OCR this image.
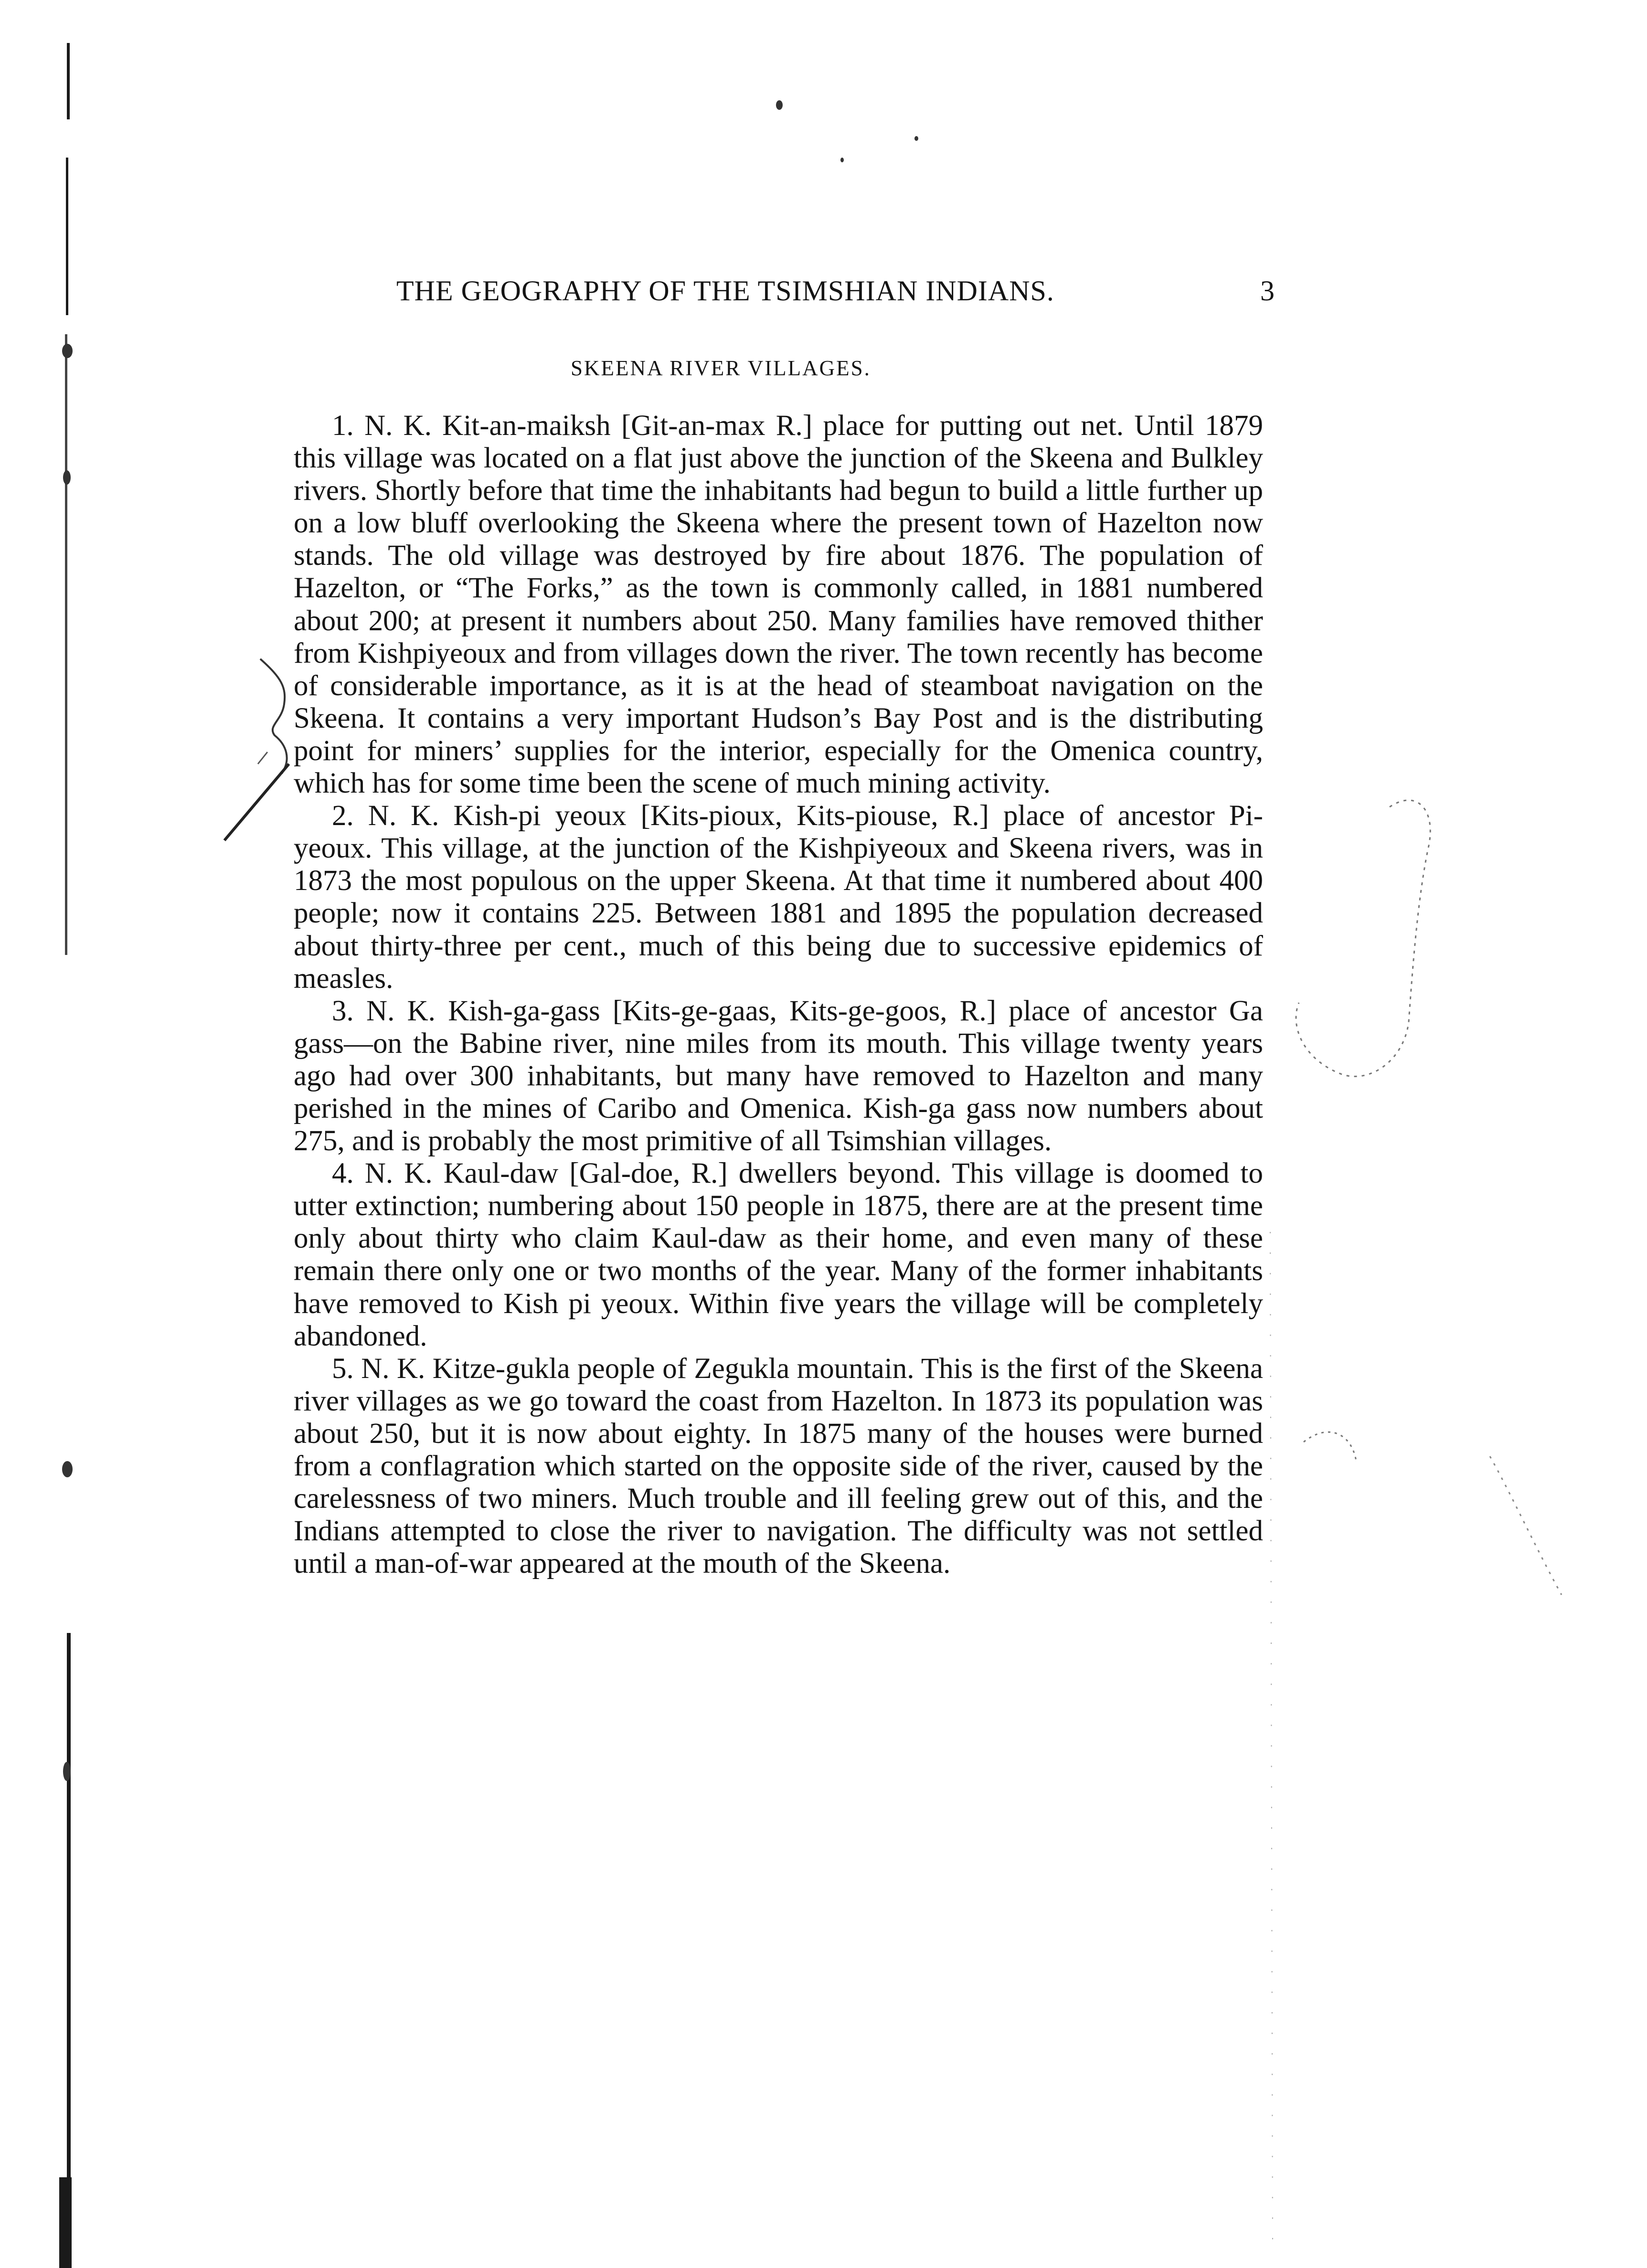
THE GEOGRAPHY OF THE TSIMSHIAN INDIANS.	3
SKEENA RIVER VILLAGES.

1. N. K. Kit-an-maiksh [Git-an-max R.] place for putting out net. Until 1879 this village was located on a flat just above the junction of the Skeena and Bulkley rivers. Shortly before that time the inhabitants had begun to build a little further up on a low bluff overlooking the Skeena where the present town of Hazelton now stands. The old village was destroyed by fire about 1876. The population of Hazelton, or “The Forks,” as the town is commonly called, in 1881 numbered about 200; at present it numbers about 250. Many families have removed thither from Kishpiyeoux and from villages down the river. The town recently has become of considerable importance, as it is at the head of steamboat navigation on the Skeena. It contains a very important Hudson’s Bay Post and is the distributing point for miners’ supplies for the interior, especially for the Omenica country, which has for some time been the scene of much mining activity.

2. N. K. Kish-pi yeoux [Kits-pioux, Kits-piouse, R.] place of ancestor Pi-yeoux. This village, at the junction of the Kishpiyeoux and Skeena rivers, was in 1873 the most populous on the upper Skeena. At that time it numbered about 400 people; now it contains 225. Between 1881 and 1895 the population decreased about thirty-three per cent., much of this being due to successive epidemics of measles.

3. N. K. Kish-ga-gass [Kits-ge-gaas, Kits-ge-goos, R.] place of ancestor Ga gass—on the Babine river, nine miles from its mouth. This village twenty years ago had over 300 inhabitants, but many have removed to Hazelton and many perished in the mines of Caribo and Omenica. Kish-ga gass now numbers about 275, and is probably the most primitive of all Tsimshian villages.

4. N. K. Kaul-daw [Gal-doe, R.] dwellers beyond. This village is doomed to utter extinction; numbering about 150 people in 1875, there are at the present time only about thirty who claim Kaul-daw as their home, and even many of these remain there only one or two months of the year. Many of the former inhabitants have removed to Kish pi yeoux. Within five years the village will be completely abandoned.

5. N. K. Kitze-gukla people of Zegukla mountain. This is the first of the Skeena river villages as we go toward the coast from Hazelton. In 1873 its population was about 250, but it is now about eighty. In 1875 many of the houses were burned from a conflagration which started on the opposite side of the river, caused by the carelessness of two miners. Much trouble and ill feeling grew out of this, and the Indians attempted to close the river to navigation. The difficulty was not settled until a man-of-war appeared at the mouth of the Skeena.
